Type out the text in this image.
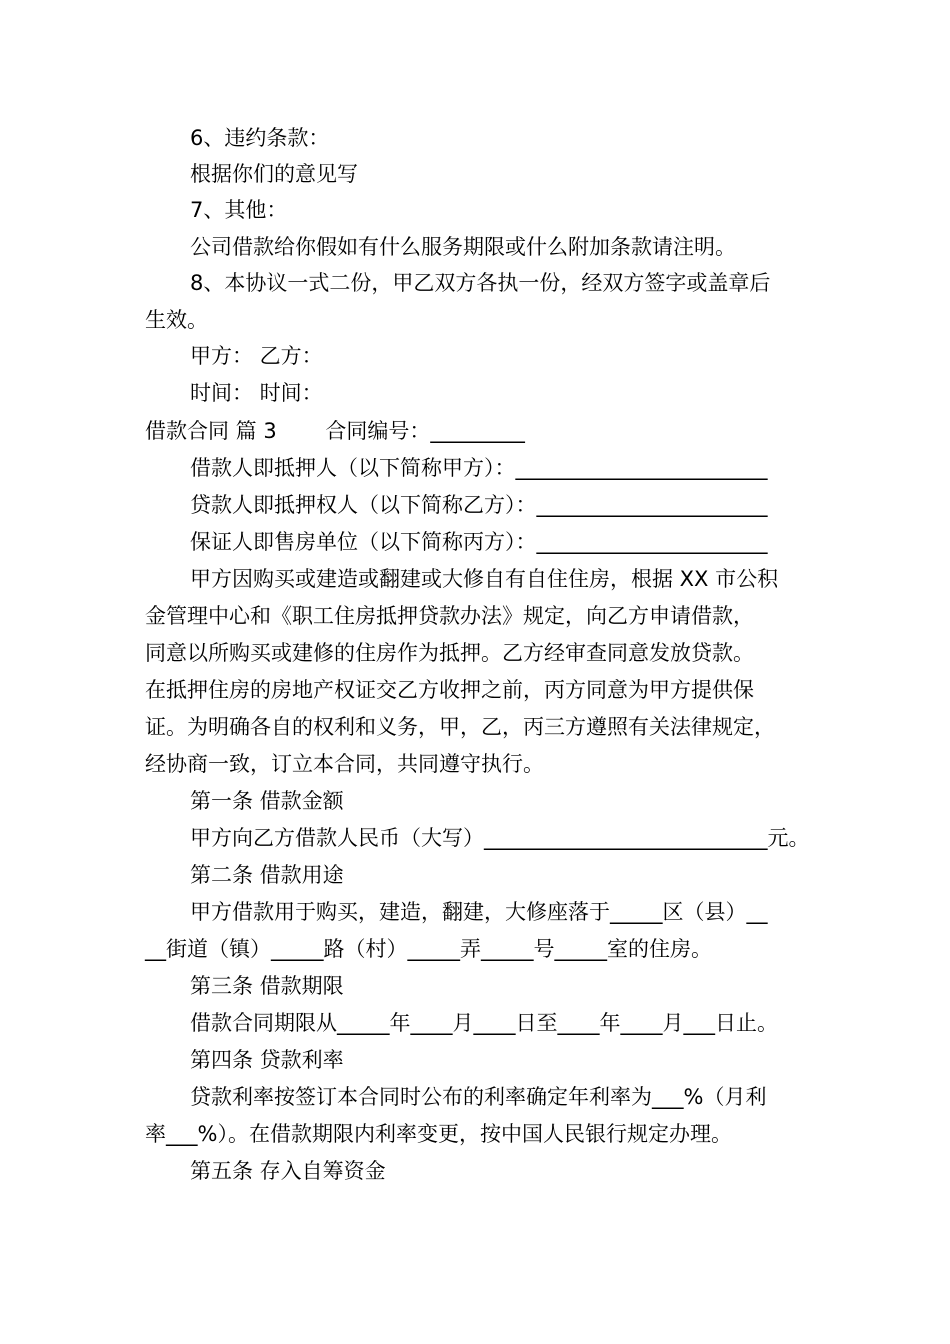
6、违约条款：
根据你们的意见写
7、其他：
公司借款给你假如有什么服务期限或什么附加条款请注明。
8、本协议一式二份，甲乙双方各执一份，经双方签字或盖章后
生效。
甲方： 乙方：
时间： 时间：
借款合同 篇 3　　 合同编号：_________
借款人即抵押人（以下简称甲方）：________________________
贷款人即抵押权人（以下简称乙方）：______________________
保证人即售房单位（以下简称丙方）：______________________
甲方因购买或建造或翻建或大修自有自住住房，根据 XX 市公积
金管理中心和《职工住房抵押贷款办法》规定，向乙方申请借款，
同意以所购买或建修的住房作为抵押。乙方经审查同意发放贷款。
在抵押住房的房地产权证交乙方收押之前，丙方同意为甲方提供保
证。为明确各自的权利和义务，甲，乙，丙三方遵照有关法律规定，
经协商一致，订立本合同，共同遵守执行。
第一条 借款金额
甲方向乙方借款人民币（大写）___________________________元。
第二条 借款用途
甲方借款用于购买，建造，翻建，大修座落于_____区（县）__
__街道（镇）_____路（村）_____弄_____号_____室的住房。
第三条 借款期限
借款合同期限从_____年____月____日至____年____月___日止。
第四条 贷款利率
贷款利率按签订本合同时公布的利率确定年利率为___%（月利
率___%）。在借款期限内利率变更，按中国人民银行规定办理。
第五条 存入自筹资金
